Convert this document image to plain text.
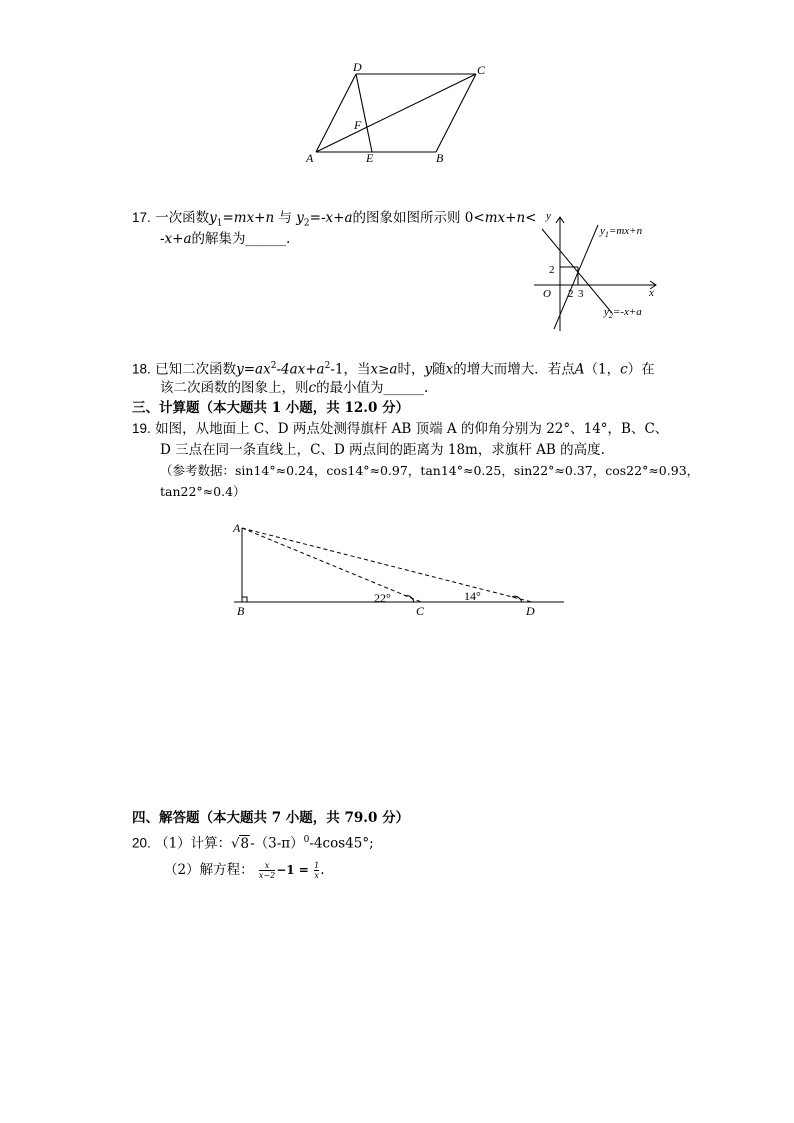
D	C
F
A	E	B
17. 一次函数$y_1=mx+n$ 与 $y_2=-x+a$的图象如图所示则 0<mx+n<
-x+a的解集为______.
y
x
O
2
2 3
$y_1=mx+n$
$y_2=-x+a$
18. 已知二次函数$y=ax^2-4ax+a^2-1$，当x≥a时，y随x的增大而增大．若点A（1，c）在
该二次函数的图象上，则c的最小值为______.
三、计算题（本大题共 1 小题，共 12.0 分）
19. 如图，从地面上 C、D 两点处测得旗杆 AB 顶端 A 的仰角分别为 22°、14°，B、C、
D 三点在同一条直线上，C、D 两点间的距离为 18m，求旗杆 AB 的高度.
（参考数据：sin14°≈0.24，cos14°≈0.97，tan14°≈0.25，sin22°≈0.37，cos22°≈0.93，
tan22°≈0.4）
A
B	C	D
22°	14°
四、解答题（本大题共 7 小题，共 79.0 分）
20. （1）计算：$√8-(3-\pi)^0-4\cos 45^\circ$;
（2）解方程： $\frac{x}{x-2} -1 = \frac{1}{x}$ .
